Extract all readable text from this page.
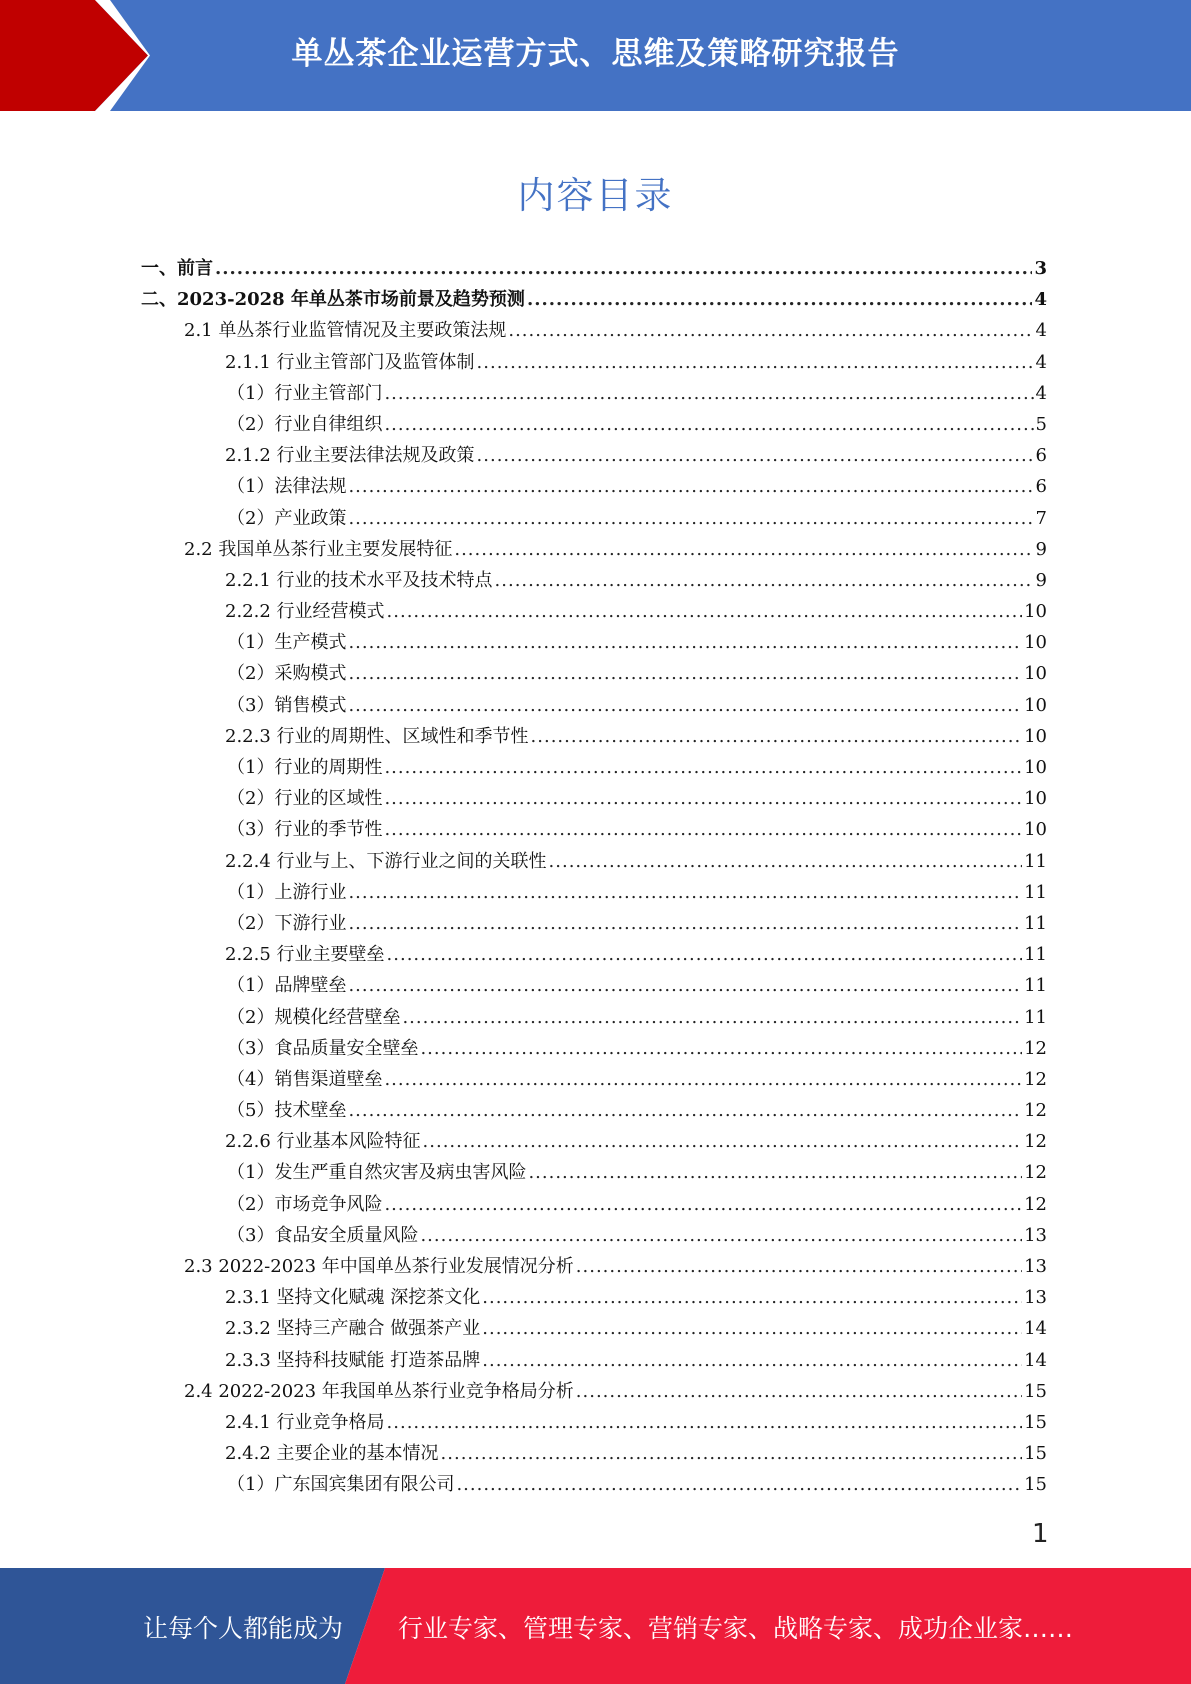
单丛茶企业运营方式、思维及策略研究报告
内容目录
一、前言 .....	3
二、2023-2028 年单丛茶市场前景及趋势预测 .....	4
2.1 单丛茶行业监管情况及主要政策法规 .....	4
2.1.1 行业主管部门及监管体制 .....	4
（1）行业主管部门 .....	4
（2）行业自律组织 .....	5
2.1.2 行业主要法律法规及政策 .....	6
（1）法律法规 .....	6
（2）产业政策 .....	7
2.2 我国单丛茶行业主要发展特征 .....	9
2.2.1 行业的技术水平及技术特点 .....	9
2.2.2 行业经营模式 .....	10
（1）生产模式 .....	10
（2）采购模式 .....	10
（3）销售模式 .....	10
2.2.3 行业的周期性、区域性和季节性 .....	10
（1）行业的周期性 .....	10
（2）行业的区域性 .....	10
（3）行业的季节性 .....	10
2.2.4 行业与上、下游行业之间的关联性 .....	11
（1）上游行业 .....	11
（2）下游行业 .....	11
2.2.5 行业主要壁垒 .....	11
（1）品牌壁垒 .....	11
（2）规模化经营壁垒 .....	11
（3）食品质量安全壁垒 .....	12
（4）销售渠道壁垒 .....	12
（5）技术壁垒 .....	12
2.2.6 行业基本风险特征 .....	12
（1）发生严重自然灾害及病虫害风险 .....	12
（2）市场竞争风险 .....	12
（3）食品安全质量风险 .....	13
2.3 2022-2023 年中国单丛茶行业发展情况分析 .....	13
2.3.1 坚持文化赋魂 深挖茶文化 .....	13
2.3.2 坚持三产融合 做强茶产业 .....	14
2.3.3 坚持科技赋能 打造茶品牌 .....	14
2.4 2022-2023 年我国单丛茶行业竞争格局分析 .....	15
2.4.1 行业竞争格局 .....	15
2.4.2 主要企业的基本情况 .....	15
（1）广东国宾集团有限公司 .....	15
1
让每个人都能成为 行业专家、管理专家、营销专家、战略专家、成功企业家……
